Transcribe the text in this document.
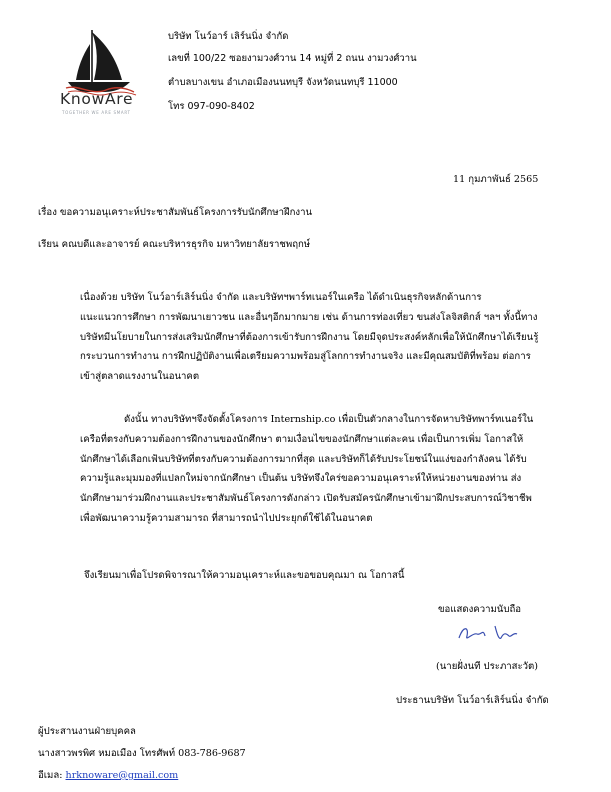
KnowAre
TOGETHER WE ARE SMART
บริษัท โนว์อาร์ เลิร์นนิ่ง จำกัด
เลขที่ 100/22 ซอยงามวงศ์วาน 14 หมู่ที่ 2 ถนน งามวงศ์วาน
ตำบลบางเขน อำเภอเมืองนนทบุรี จังหวัดนนทบุรี 11000
โทร 097-090-8402
11 กุมภาพันธ์ 2565
เรื่อง ขอความอนุเคราะห์ประชาสัมพันธ์โครงการรับนักศึกษาฝึกงาน
เรียน คณบดีและอาจารย์ คณะบริหารธุรกิจ มหาวิทยาลัยราชพฤกษ์
เนื่องด้วย บริษัท โนว์อาร์เลิร์นนิ่ง จำกัด และบริษัทฯพาร์ทเนอร์ในเครือ ได้ดำเนินธุรกิจหลักด้านการ
แนะแนวการศึกษา การพัฒนาเยาวชน และอื่นๆอีกมากมาย เช่น ด้านการท่องเที่ยว ขนส่งโลจิสติกส์ ฯลฯ ทั้งนี้ทาง
บริษัทมีนโยบายในการส่งเสริมนักศึกษาที่ต้องการเข้ารับการฝึกงาน โดยมีจุดประสงค์หลักเพื่อให้นักศึกษาได้เรียนรู้
กระบวนการทำงาน การฝึกปฏิบัติงานเพื่อเตรียมความพร้อมสู่โลกการทำงานจริง และมีคุณสมบัติที่พร้อม ต่อการ
เข้าสู่ตลาดแรงงานในอนาคต
ดังนั้น ทางบริษัทฯจึงจัดตั้งโครงการ Internship.co เพื่อเป็นตัวกลางในการจัดหาบริษัทพาร์ทเนอร์ใน
เครือที่ตรงกับความต้องการฝึกงานของนักศึกษา ตามเงื่อนไขของนักศึกษาแต่ละคน เพื่อเป็นการเพิ่ม โอกาสให้
นักศึกษาได้เลือกเฟ้นบริษัทที่ตรงกับความต้องการมากที่สุด และบริษัทก็ได้รับประโยชน์ในแง่ของกำลังคน ได้รับ
ความรู้และมุมมองที่แปลกใหม่จากนักศึกษา เป็นต้น บริษัทจึงใคร่ขอความอนุเคราะห์ให้หน่วยงานของท่าน ส่ง
นักศึกษามาร่วมฝึกงานและประชาสัมพันธ์โครงการดังกล่าว เปิดรับสมัครนักศึกษาเข้ามาฝึกประสบการณ์วิชาชีพ
เพื่อพัฒนาความรู้ความสามารถ ที่สามารถนำไปประยุกต์ใช้ได้ในอนาคต
จึงเรียนมาเพื่อโปรดพิจารณาให้ความอนุเคราะห์และขอขอบคุณมา ณ โอกาสนี้
ขอแสดงความนับถือ
(นายฝั่งนที ประภาสะวัต)
ประธานบริษัท โนว์อาร์เลิร์นนิ่ง จำกัด
ผู้ประสานงานฝ่ายบุคคล
นางสาวพรพิศ หมอเมือง โทรศัพท์ 083-786-9687
อีเมล: hrknoware@gmail.com
